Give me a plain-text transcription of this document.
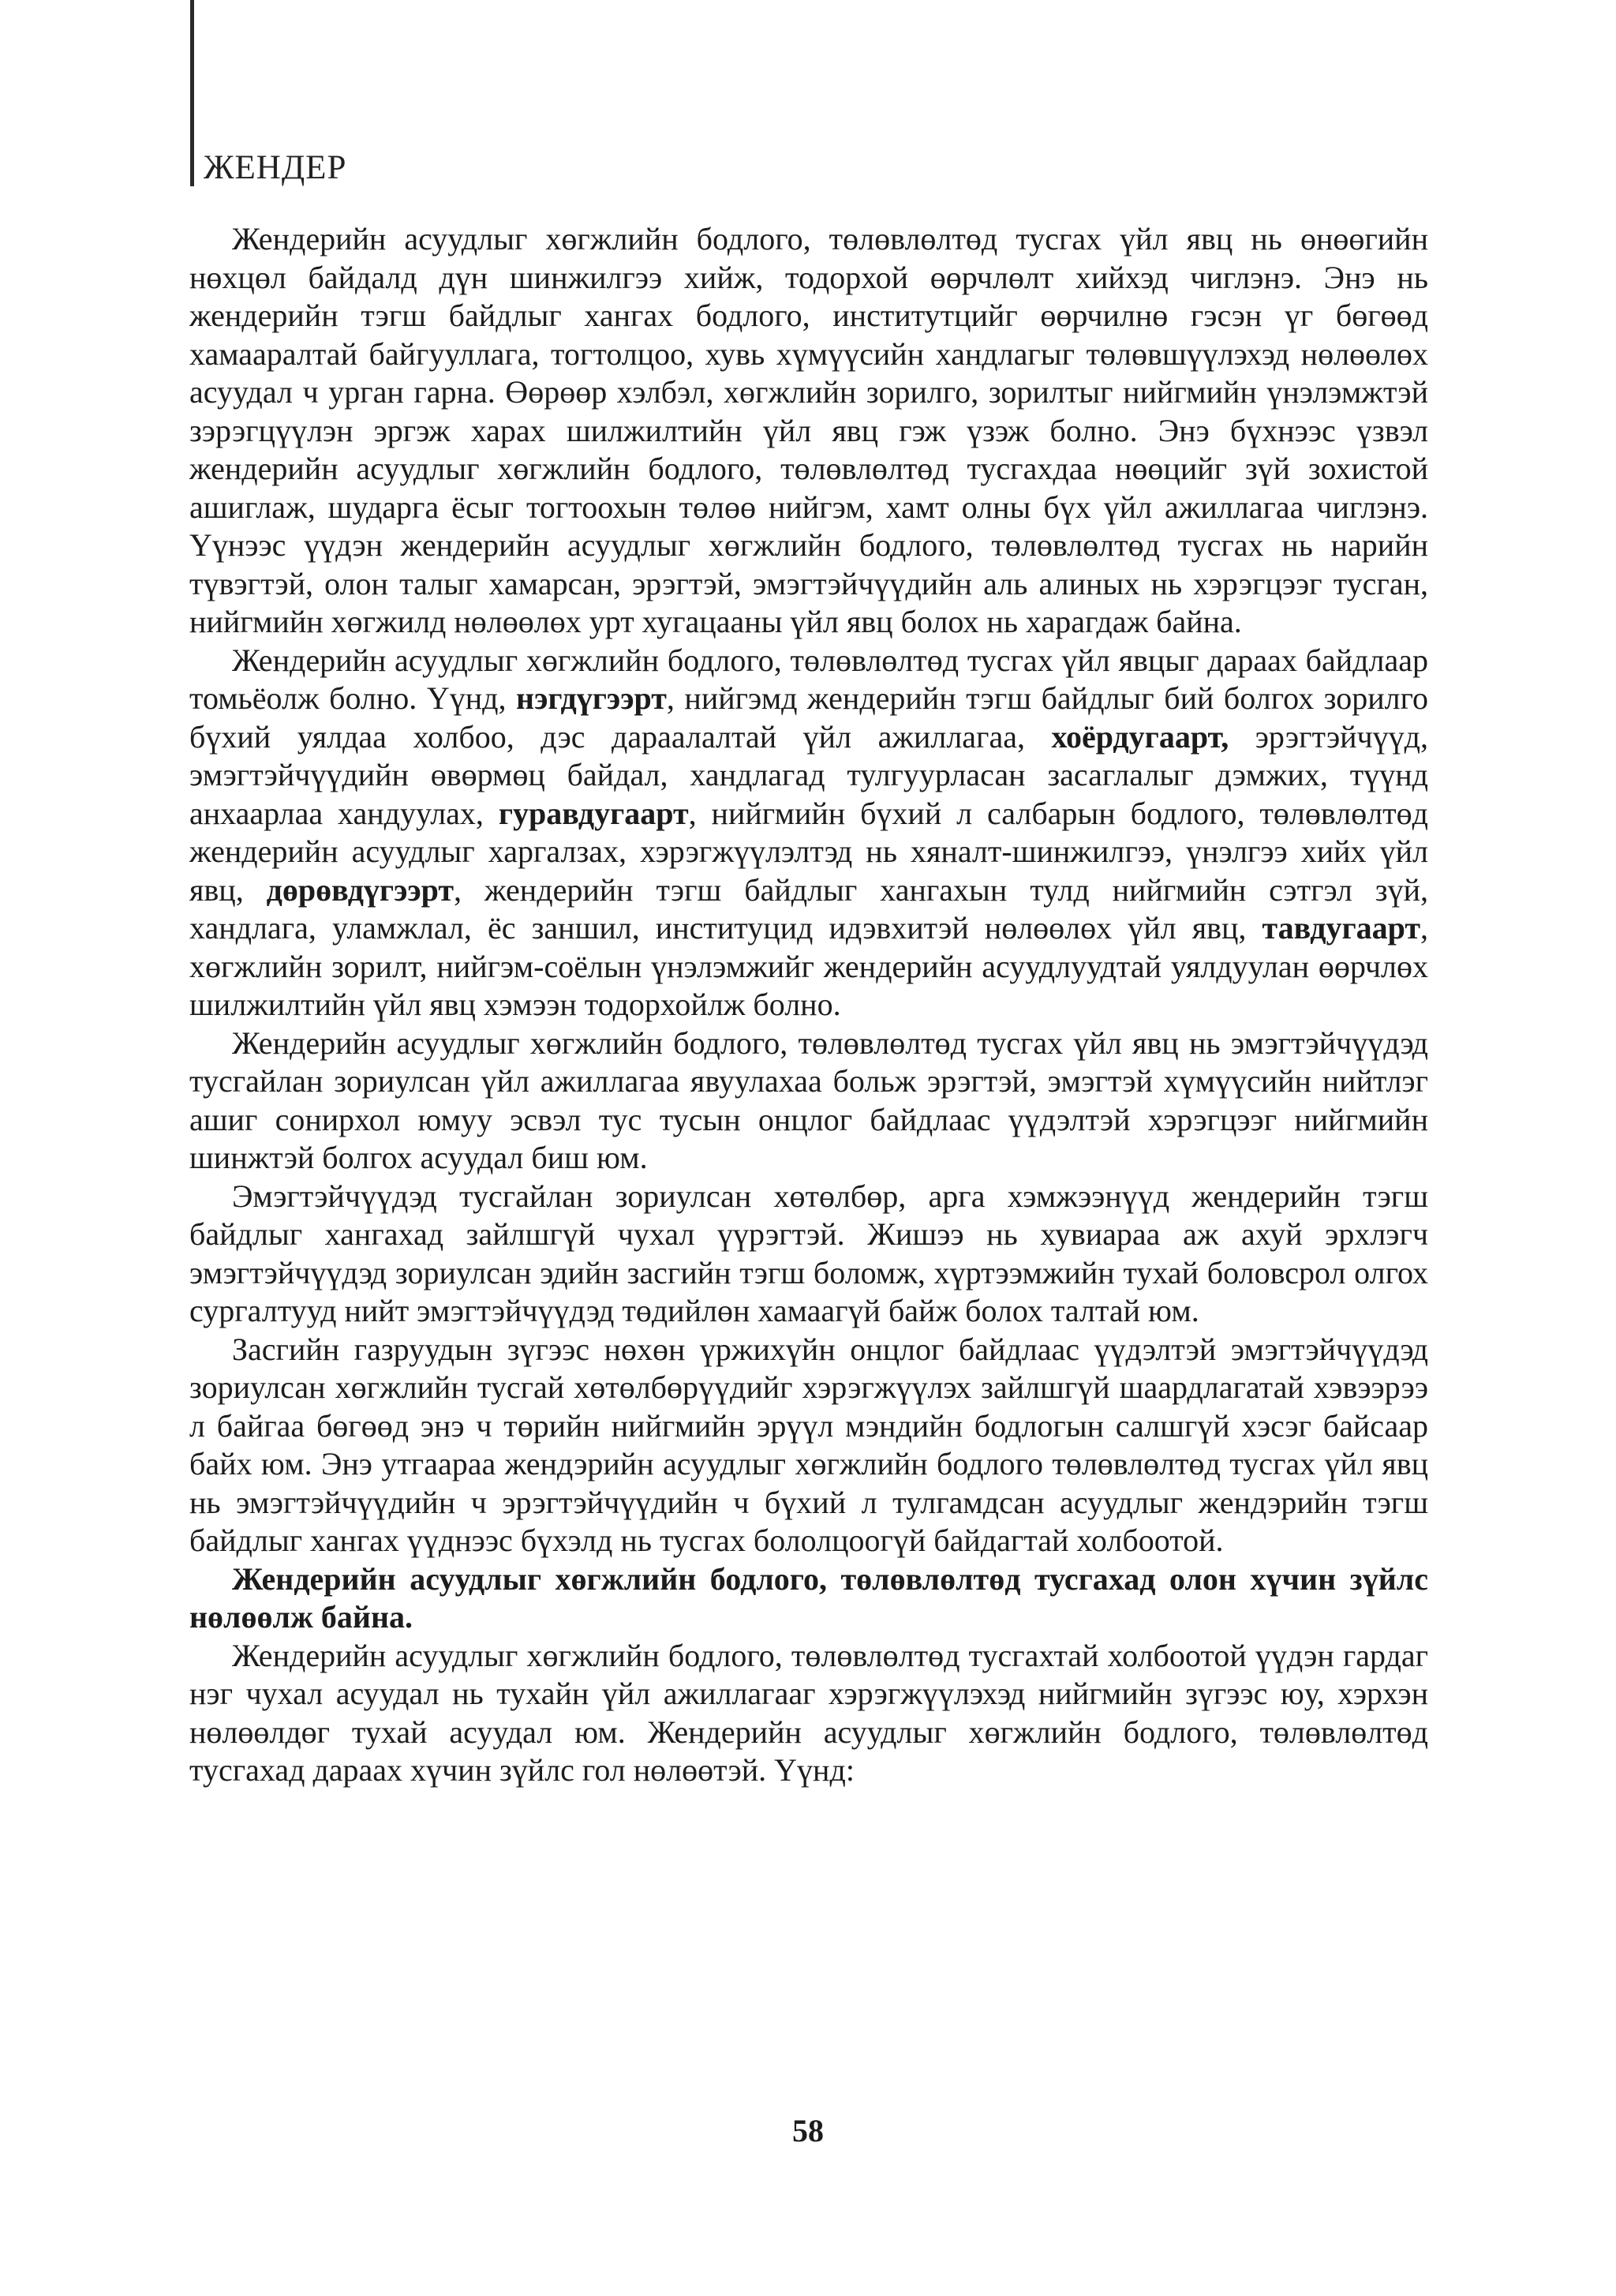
ЖЕНДЕР

Жендерийн асуудлыг хөгжлийн бодлого, төлөвлөлтөд тусгах үйл явц нь өнөөгийн нөхцөл байдалд дүн шинжилгээ хийж, тодорхой өөрчлөлт хийхэд чиглэнэ. Энэ нь жендерийн тэгш байдлыг хангах бодлого, институтцийг өөрчилнө гэсэн үг бөгөөд хамааралтай байгууллага, тогтолцоо, хувь хүмүүсийн хандлагыг төлөвшүүлэхэд нөлөөлөх асуудал ч урган гарна. Өөрөөр хэлбэл, хөгжлийн зорилго, зорилтыг нийгмийн үнэлэмжтэй зэрэгцүүлэн эргэж харах шилжилтийн үйл явц гэж үзэж болно. Энэ бүхнээс үзвэл жендерийн асуудлыг хөгжлийн бодлого, төлөвлөлтөд тусгахдаа нөөцийг зүй зохистой ашиглаж, шударга ёсыг тогтоохын төлөө нийгэм, хамт олны бүх үйл ажиллагаа чиглэнэ. Үүнээс үүдэн жендерийн асуудлыг хөгжлийн бодлого, төлөвлөлтөд тусгах нь нарийн түвэгтэй, олон талыг хамарсан, эрэгтэй, эмэгтэйчүүдийн аль алиных нь хэрэгцээг тусган, нийгмийн хөгжилд нөлөөлөх урт хугацааны үйл явц болох нь харагдаж байна.

Жендерийн асуудлыг хөгжлийн бодлого, төлөвлөлтөд тусгах үйл явцыг дараах байдлаар томьёолж болно. Үүнд, нэгдүгээрт, нийгэмд жендерийн тэгш байдлыг бий болгох зорилго бүхий уялдаа холбоо, дэс дараалалтай үйл ажиллагаа, хоёрдугаарт, эрэгтэйчүүд, эмэгтэйчүүдийн өвөрмөц байдал, хандлагад тулгуурласан засаглалыг дэмжих, түүнд анхаарлаа хандуулах, гуравдугаарт, нийгмийн бүхий л салбарын бодлого, төлөвлөлтөд жендерийн асуудлыг харгалзах, хэрэгжүүлэлтэд нь хяналт-шинжилгээ, үнэлгээ хийх үйл явц, дөрөвдүгээрт, жендерийн тэгш байдлыг хангахын тулд нийгмийн сэтгэл зүй, хандлага, уламжлал, ёс заншил, институцид идэвхитэй нөлөөлөх үйл явц, тавдугаарт, хөгжлийн зорилт, нийгэм-соёлын үнэлэмжийг жендерийн асуудлуудтай уялдуулан өөрчлөх шилжилтийн үйл явц хэмээн тодорхойлж болно.

Жендерийн асуудлыг хөгжлийн бодлого, төлөвлөлтөд тусгах үйл явц нь эмэгтэйчүүдэд тусгайлан зориулсан үйл ажиллагаа явуулахаа больж эрэгтэй, эмэгтэй хүмүүсийн нийтлэг ашиг сонирхол юмуу эсвэл тус тусын онцлог байдлаас үүдэлтэй хэрэгцээг нийгмийн шинжтэй болгох асуудал биш юм.

Эмэгтэйчүүдэд тусгайлан зориулсан хөтөлбөр, арга хэмжээнүүд жендерийн тэгш байдлыг хангахад зайлшгүй чухал үүрэгтэй. Жишээ нь хувиараа аж ахуй эрхлэгч эмэгтэйчүүдэд зориулсан эдийн засгийн тэгш боломж, хүртээмжийн тухай боловсрол олгох сургалтууд нийт эмэгтэйчүүдэд төдийлөн хамаагүй байж болох талтай юм.

Засгийн газруудын зүгээс нөхөн үржихүйн онцлог байдлаас үүдэлтэй эмэгтэйчүүдэд зориулсан хөгжлийн тусгай хөтөлбөрүүдийг хэрэгжүүлэх зайлшгүй шаардлагатай хэвээрээ л байгаа бөгөөд энэ ч төрийн нийгмийн эрүүл мэндийн бодлогын салшгүй хэсэг байсаар байх юм. Энэ утгаараа жендэрийн асуудлыг хөгжлийн бодлого төлөвлөлтөд тусгах үйл явц нь эмэгтэйчүүдийн ч эрэгтэйчүүдийн ч бүхий л тулгамдсан асуудлыг жендэрийн тэгш байдлыг хангах үүднээс бүхэлд нь тусгах бололцоогүй байдагтай холбоотой.

Жендерийн асуудлыг хөгжлийн бодлого, төлөвлөлтөд тусгахад олон хүчин зүйлс нөлөөлж байна.

Жендерийн асуудлыг хөгжлийн бодлого, төлөвлөлтөд тусгахтай холбоотой үүдэн гардаг нэг чухал асуудал нь тухайн үйл ажиллагааг хэрэгжүүлэхэд нийгмийн зүгээс юу, хэрхэн нөлөөлдөг тухай асуудал юм. Жендерийн асуудлыг хөгжлийн бодлого, төлөвлөлтөд тусгахад дараах хүчин зүйлс гол нөлөөтэй. Үүнд:

58
